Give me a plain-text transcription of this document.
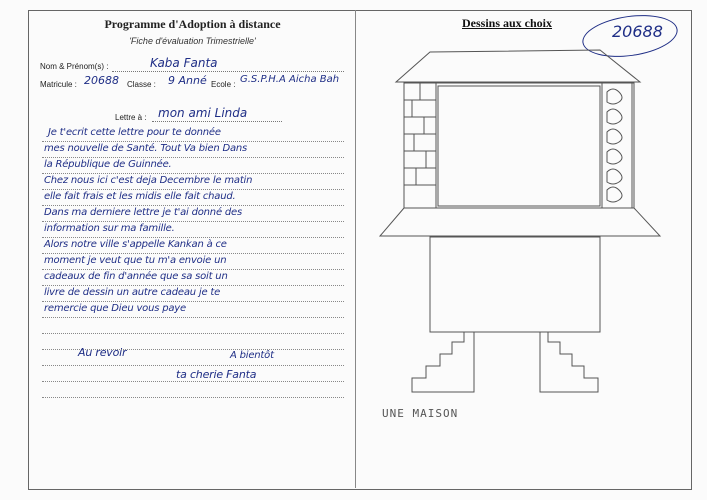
Programme d'Adoption à distance
'Fiche d'évaluation Trimestrielle'
Nom & Prénom(s) :	Kaba Fanta
Matricule : 20688 Classe : 9 Anné Ecole : G.S.P.H.A Aicha Bah
Lettre à : mon ami Linda
Je t'ecrit cette lettre pour te donnée
mes nouvelle de Santé. Tout Va bien Dans
la République de Guinnée.
Chez nous ici c'est deja Decembre le matin
elle fait frais et les midis elle fait chaud.
Dans ma derniere lettre je t'ai donné des
information sur ma famille.
Alors notre ville s'appelle Kankan à ce
moment je veut que tu m'a envoie un
cadeaux de fin d'année que sa soit un
livre de dessin un autre cadeau je te
remercie que Dieu vous paye
Au revoir	A bientôt
ta cherie Fanta
Dessins aux choix	20688
UNE MAISON
